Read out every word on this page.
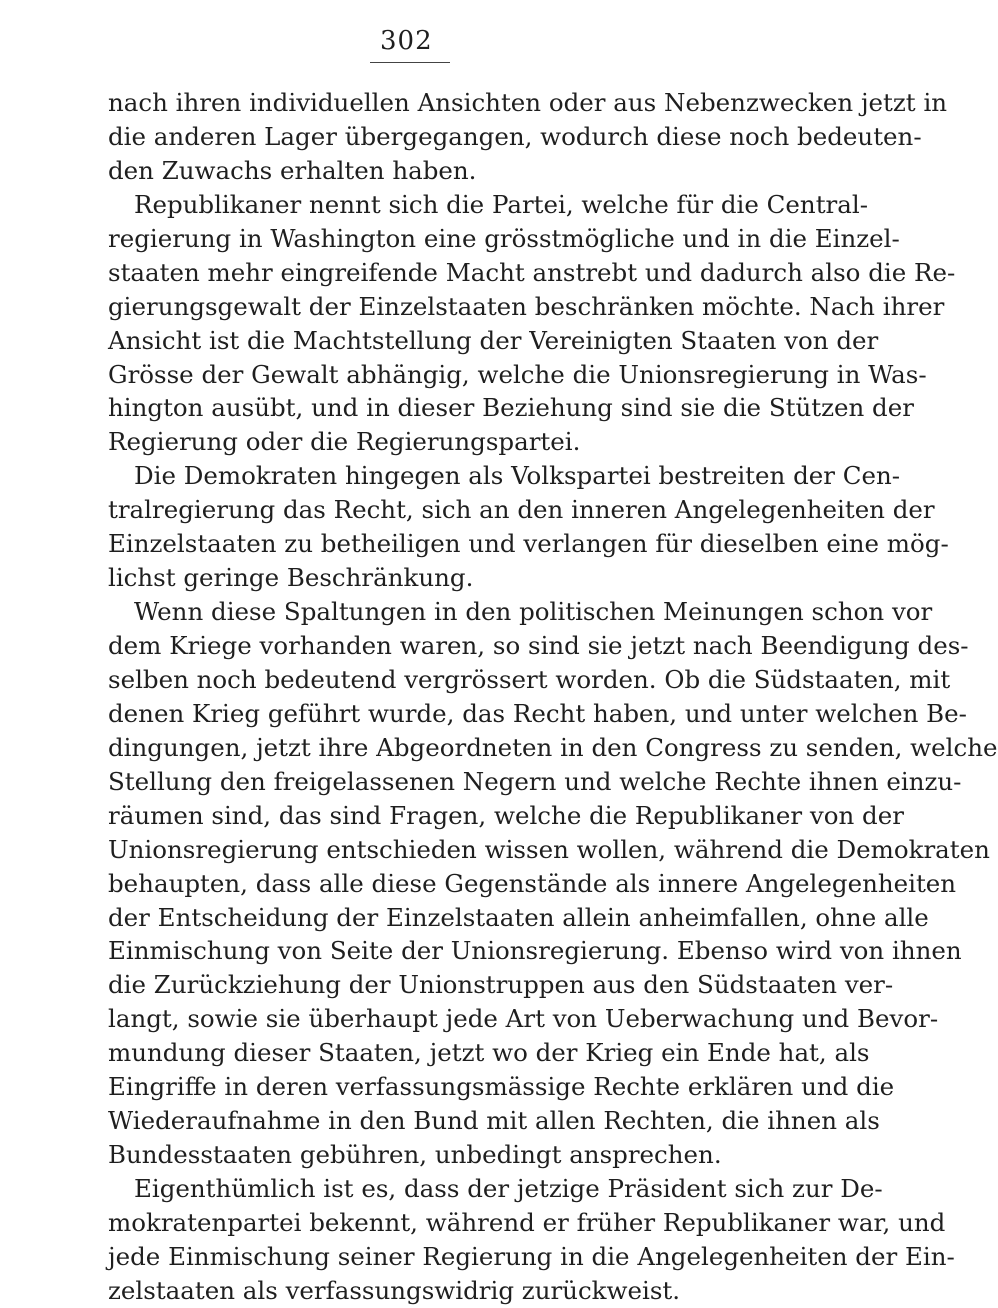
302
nach ihren individuellen Ansichten oder aus Nebenzwecken jetzt in
die anderen Lager übergegangen, wodurch diese noch bedeuten-
den Zuwachs erhalten haben.
Republikaner nennt sich die Partei, welche für die Central-
regierung in Washington eine grösstmögliche und in die Einzel-
staaten mehr eingreifende Macht anstrebt und dadurch also die Re-
gierungsgewalt der Einzelstaaten beschränken möchte. Nach ihrer
Ansicht ist die Machtstellung der Vereinigten Staaten von der
Grösse der Gewalt abhängig, welche die Unionsregierung in Was-
hington ausübt, und in dieser Beziehung sind sie die Stützen der
Regierung oder die Regierungspartei.
Die Demokraten hingegen als Volkspartei bestreiten der Cen-
tralregierung das Recht, sich an den inneren Angelegenheiten der
Einzelstaaten zu betheiligen und verlangen für dieselben eine mög-
lichst geringe Beschränkung.
Wenn diese Spaltungen in den politischen Meinungen schon vor
dem Kriege vorhanden waren, so sind sie jetzt nach Beendigung des-
selben noch bedeutend vergrössert worden. Ob die Südstaaten, mit
denen Krieg geführt wurde, das Recht haben, und unter welchen Be-
dingungen, jetzt ihre Abgeordneten in den Congress zu senden, welche
Stellung den freigelassenen Negern und welche Rechte ihnen einzu-
räumen sind, das sind Fragen, welche die Republikaner von der
Unionsregierung entschieden wissen wollen, während die Demokraten
behaupten, dass alle diese Gegenstände als innere Angelegenheiten
der Entscheidung der Einzelstaaten allein anheimfallen, ohne alle
Einmischung von Seite der Unionsregierung. Ebenso wird von ihnen
die Zurückziehung der Unionstruppen aus den Südstaaten ver-
langt, sowie sie überhaupt jede Art von Ueberwachung und Bevor-
mundung dieser Staaten, jetzt wo der Krieg ein Ende hat, als
Eingriffe in deren verfassungsmässige Rechte erklären und die
Wiederaufnahme in den Bund mit allen Rechten, die ihnen als
Bundesstaaten gebühren, unbedingt ansprechen.
Eigenthümlich ist es, dass der jetzige Präsident sich zur De-
mokratenpartei bekennt, während er früher Republikaner war, und
jede Einmischung seiner Regierung in die Angelegenheiten der Ein-
zelstaaten als verfassungswidrig zurückweist.
